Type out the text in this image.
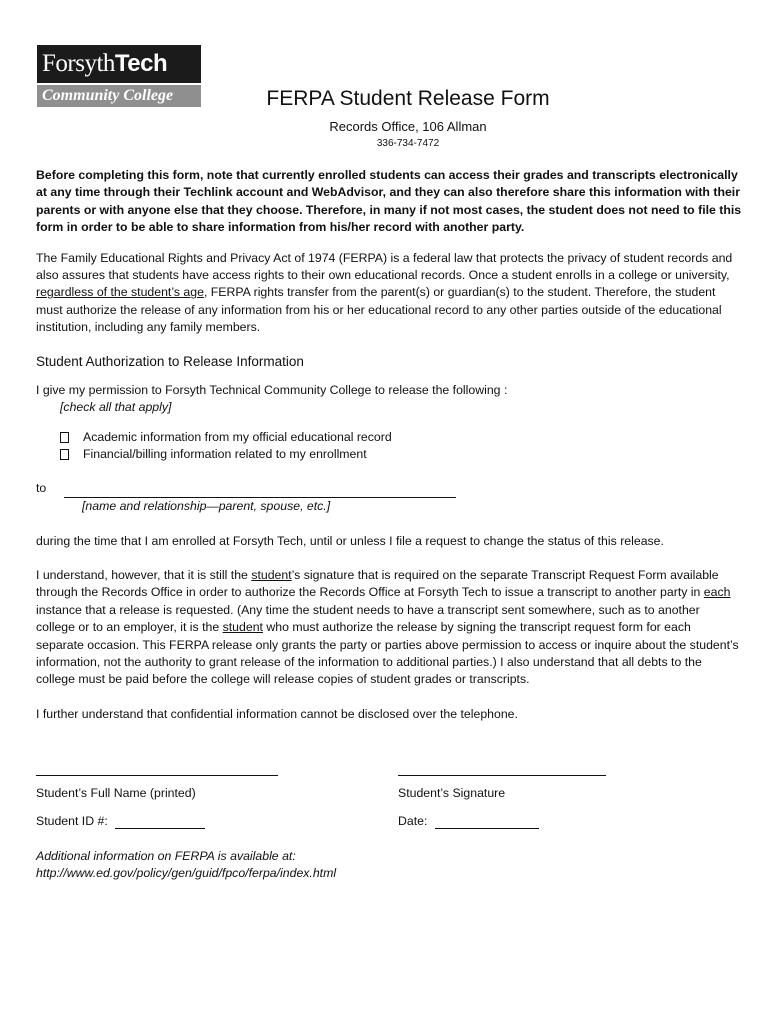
Forsyth Tech
Community College	FERPA Student Release Form
Records Office, 106 Allman
336-734-7472

Before completing this form, note that currently enrolled students can access their grades and transcripts electronically at any time through their Techlink account and WebAdvisor, and they can also therefore share this information with their parents or with anyone else that they choose. Therefore, in many if not most cases, the student does not need to file this form in order to be able to share information from his/her record with another party.

The Family Educational Rights and Privacy Act of 1974 (FERPA) is a federal law that protects the privacy of student records and also assures that students have access rights to their own educational records. Once a student enrolls in a college or university, regardless of the student’s age, FERPA rights transfer from the parent(s) or guardian(s) to the student. Therefore, the student must authorize the release of any information from his or her educational record to any other parties outside of the educational institution, including any family members.

Student Authorization to Release Information

I give my permission to Forsyth Technical Community College to release the following :

[check all that apply]

Academic information from my official educational record
Financial/billing information related to my enrollment
to

[name and relationship—parent, spouse, etc.]

during the time that I am enrolled at Forsyth Tech, until or unless I file a request to change the status of this release.

I understand, however, that it is still the student’s signature that is required on the separate Transcript Request Form available through the Records Office in order to authorize the Records Office at Forsyth Tech to issue a transcript to another party in each instance that a release is requested. (Any time the student needs to have a transcript sent somewhere, such as to another college or to an employer, it is the student who must authorize the release by signing the transcript request form for each separate occasion. This FERPA release only grants the party or parties above permission to access or inquire about the student’s information, not the authority to grant release of the information to additional parties.) I also understand that all debts to the college must be paid before the college will release copies of student grades or transcripts.

I further understand that confidential information cannot be disclosed over the telephone.

Student’s Full Name (printed)	Student’s Signature
Student ID #:	Date:
Additional information on FERPA is available at:
http://www.ed.gov/policy/gen/guid/fpco/ferpa/index.html
